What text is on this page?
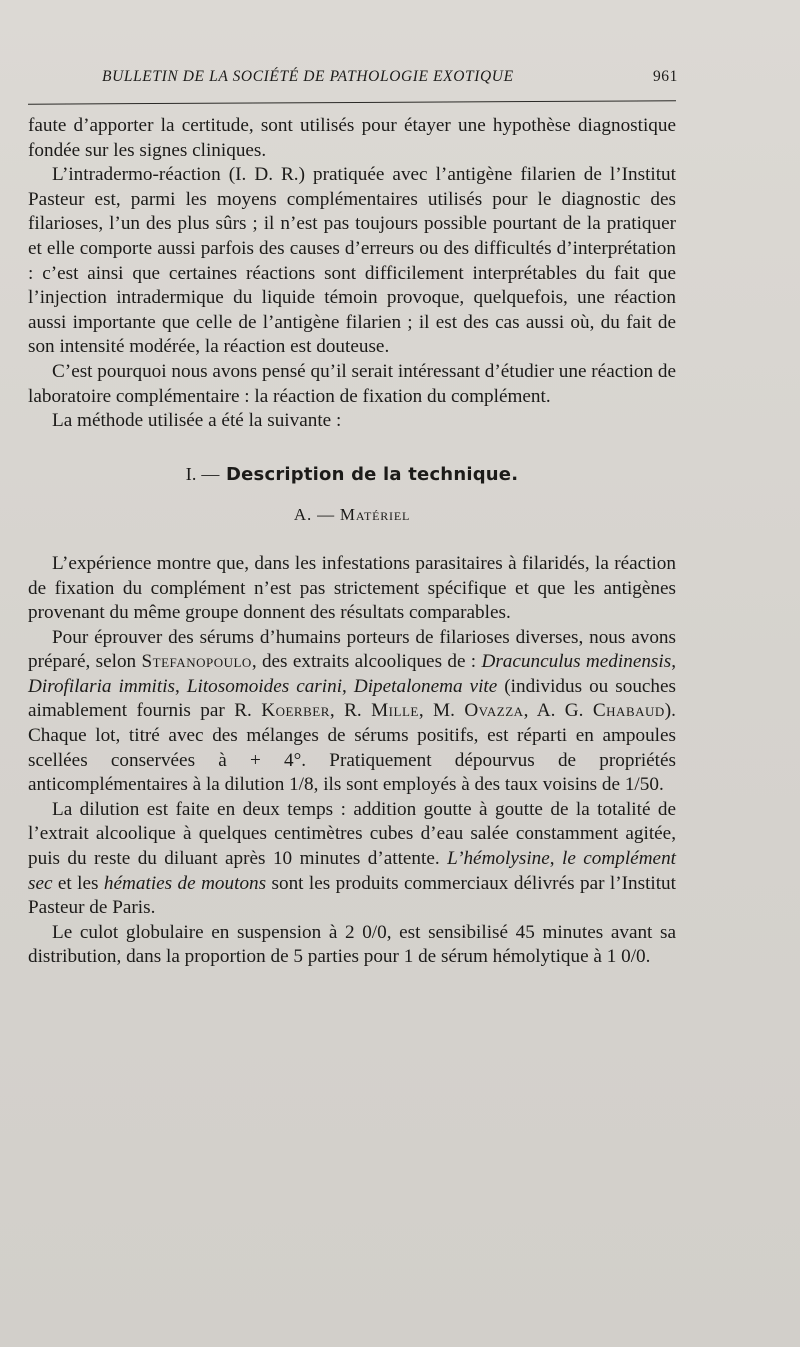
BULLETIN DE LA SOCIÉTÉ DE PATHOLOGIE EXOTIQUE	961

faute d’apporter la certitude, sont utilisés pour étayer une hypothèse diagnostique fondée sur les signes cliniques.

L’intradermo-réaction (I. D. R.) pratiquée avec l’antigène filarien de l’Institut Pasteur est, parmi les moyens complémentaires utilisés pour le diagnostic des filarioses, l’un des plus sûrs ; il n’est pas toujours possible pourtant de la pratiquer et elle comporte aussi parfois des causes d’erreurs ou des difficultés d’interprétation : c’est ainsi que certaines réactions sont difficilement interprétables du fait que l’injection intradermique du liquide témoin provoque, quelquefois, une réaction aussi importante que celle de l’antigène filarien ; il est des cas aussi où, du fait de son intensité modérée, la réaction est douteuse.

C’est pourquoi nous avons pensé qu’il serait intéressant d’étudier une réaction de laboratoire complémentaire : la réaction de fixation du complément.

La méthode utilisée a été la suivante :

I. — Description de la technique.
A. — Matériel

L’expérience montre que, dans les infestations parasitaires à filaridés, la réaction de fixation du complément n’est pas strictement spécifique et que les antigènes provenant du même groupe donnent des résultats comparables.

Pour éprouver des sérums d’humains porteurs de filarioses diverses, nous avons préparé, selon Stefanopoulo, des extraits alcooliques de : Dracunculus medinensis, Dirofilaria immitis, Litosomoides carini, Dipetalonema vite (individus ou souches aimablement fournis par R. Koerber, R. Mille, M. Ovazza, A. G. Chabaud). Chaque lot, titré avec des mélanges de sérums positifs, est réparti en ampoules scellées conservées à + 4°. Pratiquement dépourvus de propriétés anticomplémentaires à la dilution 1/8, ils sont employés à des taux voisins de 1/50.

La dilution est faite en deux temps : addition goutte à goutte de la totalité de l’extrait alcoolique à quelques centimètres cubes d’eau salée constamment agitée, puis du reste du diluant après 10 minutes d’attente. L’hémolysine, le complément sec et les hématies de moutons sont les produits commerciaux délivrés par l’Institut Pasteur de Paris.

Le culot globulaire en suspension à 2 0/0, est sensibilisé 45 minutes avant sa distribution, dans la proportion de 5 parties pour 1 de sérum hémolytique à 1 0/0.
